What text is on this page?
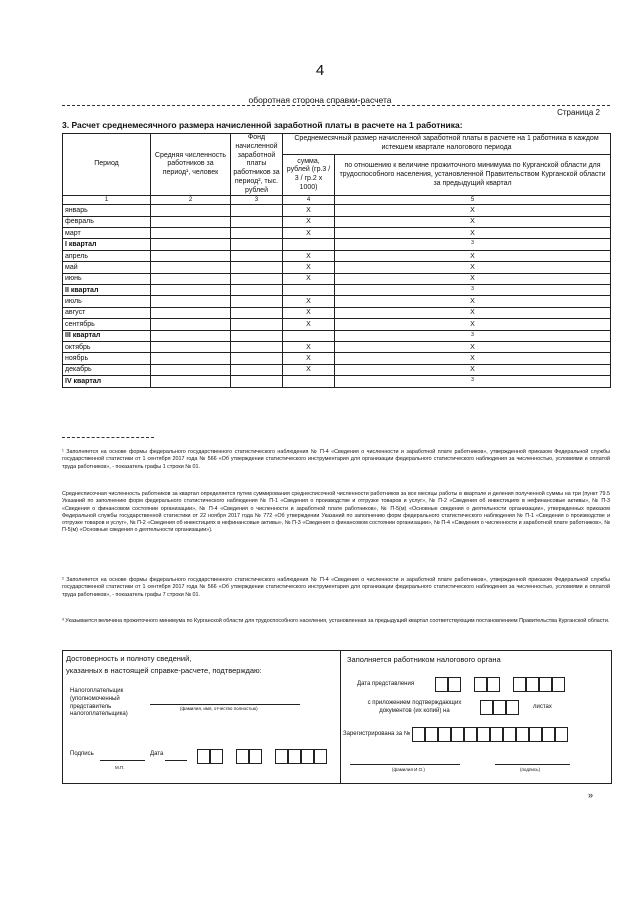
4
оборотная сторона справки-расчета
Страница 2
3. Расчет среднемесячного размера начисленной заработной платы в расчете на 1 работника:
Период	Средняя численность работников за период¹, человек	Фонд начисленной заработной платы работников за период², тыс. рублей	Среднемесячный размер начисленной заработной платы в расчете на 1 работника в каждом истекшем квартале налогового периода	
			сумма, рублей (гр.3 / 3 / гр.2 х 1000)	по отношению к величине прожиточного минимума по Курганской области для трудоспособного населения, установленной Правительством Курганской области за предыдущий квартал
1	2	3	4	5
январь			X	X
февраль			X	X
март			X	X
I квартал				3
апрель			X	X
май			X	X
июнь			X	X
II квартал				3
июль			X	X
август			X	X
сентябрь			X	X
III квартал				3
октябрь			X	X
ноябрь			X	X
декабрь			X	X
IV квартал				3
¹ Заполняется на основе формы федерального государственного статистического наблюдения № П-4 «Сведения о численности и заработной плате работников», утвержденной приказом Федеральной службы государственной статистики от 1 сентября 2017 года № 566 «Об утверждении статистического инструментария для организации федерального статистического наблюдения за численностью, условиями и оплатой труда работников», - показатель графы 1 строки № 01.
Среднесписочная численность работников за квартал определяется путем суммирования среднесписочной численности работников за все месяцы работы в квартале и деления полученной суммы на три (пункт 79.5 Указаний по заполнению форм федерального статистического наблюдения № П-1 «Сведения о производстве и отгрузке товаров и услуг», № П-2 «Сведения об инвестициях в нефинансовые активы», № П-3 «Сведения о финансовом состоянии организации», № П-4 «Сведения о численности и заработной плате работников», № П-5(м) «Основные сведения о деятельности организации», утвержденных приказом Федеральной службы государственной статистики от 22 ноября 2017 года № 772 «Об утверждении Указаний по заполнению форм федерального статистического наблюдения № П-1 «Сведения о производстве и отгрузке товаров и услуг», № П-2 «Сведения об инвестициях в нефинансовые активы», № П-3 «Сведения о финансовом состоянии организации», № П-4 «Сведения о численности и заработной плате работников», № П-5(м) «Основные сведения о деятельности организации»).
² Заполняется на основе формы федерального государственного статистического наблюдения № П-4 «Сведения о численности и заработной плате работников», утвержденной приказом Федеральной службы государственной статистики от 1 сентября 2017 года № 566 «Об утверждении статистического инструментария для организации федерального статистического наблюдения за численностью, условиями и оплатой труда работников», - показатель графы 7 строки № 01.
³ Указывается величина прожиточного минимума по Курганской области для трудоспособного населения, установленная за предыдущий квартал соответствующим постановлением Правительства Курганской области.
Достоверность и полноту сведений,
указанных в настоящей справке-расчете, подтверждаю:
Налогоплательщик (уполномоченный представитель налогоплательщика)
(фамилия, имя, отчество полностью)
Подпись	Дата
М.П.
Заполняется работником налогового органа
Дата представления
с приложением подтверждающих документов (их копий) на
листах
Зарегистрирована за №
(фамилия И.О.)	(подпись)
»
